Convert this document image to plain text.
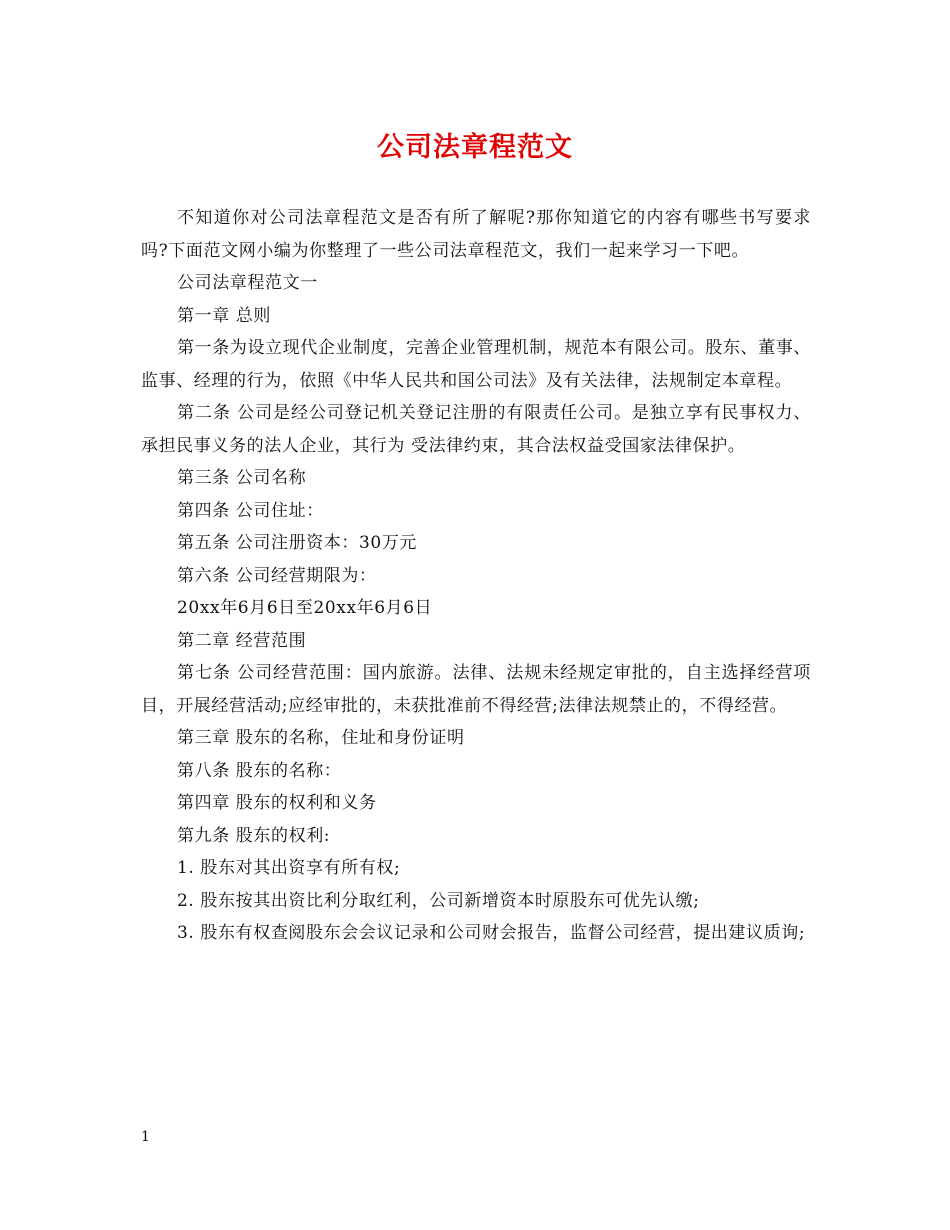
公司法章程范文

不知道你对公司法章程范文是否有所了解呢?那你知道它的内容有哪些书写要求吗?下面范文网小编为你整理了一些公司法章程范文，我们一起来学习一下吧。

公司法章程范文一

第一章 总则

第一条为设立现代企业制度，完善企业管理机制，规范本有限公司。股东、董事、监事、经理的行为，依照《中华人民共和国公司法》及有关法律，法规制定本章程。

第二条 公司是经公司登记机关登记注册的有限责任公司。是独立享有民事权力、承担民事义务的法人企业，其行为 受法律约束，其合法权益受国家法律保护。

第三条 公司名称

第四条 公司住址：

第五条 公司注册资本：30万元

第六条 公司经营期限为：

20xx年6月6日至20xx年6月6日

第二章 经营范围

第七条 公司经营范围：国内旅游。法律、法规未经规定审批的，自主选择经营项目，开展经营活动;应经审批的，未获批准前不得经营;法律法规禁止的，不得经营。

第三章 股东的名称，住址和身份证明

第八条 股东的名称：

第四章 股东的权利和义务

第九条 股东的权利:

1. 股东对其出资享有所有权;

2. 股东按其出资比利分取红利，公司新增资本时原股东可优先认缴;

3. 股东有权查阅股东会会议记录和公司财会报告，监督公司经营，提出建议质询;

1
